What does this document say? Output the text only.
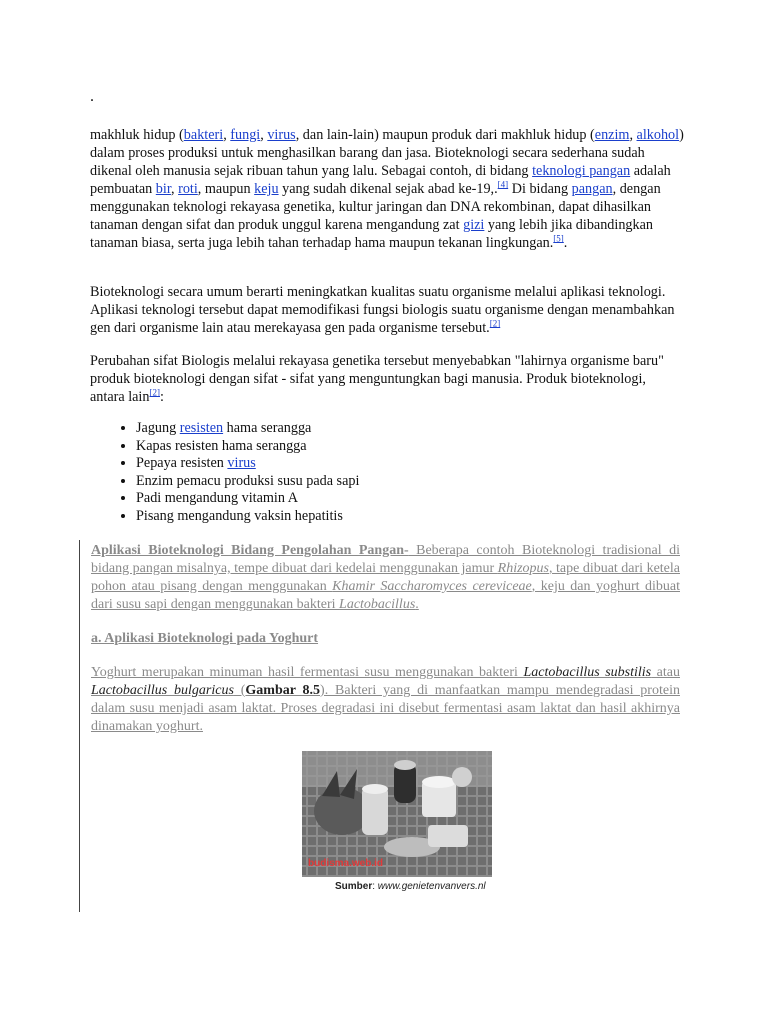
.

makhluk hidup (bakteri, fungi, virus, dan lain-lain) maupun produk dari makhluk hidup (enzim, alkohol) dalam proses produksi untuk menghasilkan barang dan jasa. Bioteknologi secara sederhana sudah dikenal oleh manusia sejak ribuan tahun yang lalu. Sebagai contoh, di bidang teknologi pangan adalah pembuatan bir, roti, maupun keju yang sudah dikenal sejak abad ke-19,.[4] Di bidang pangan, dengan menggunakan teknologi rekayasa genetika, kultur jaringan dan DNA rekombinan, dapat dihasilkan tanaman dengan sifat dan produk unggul karena mengandung zat gizi yang lebih jika dibandingkan tanaman biasa, serta juga lebih tahan terhadap hama maupun tekanan lingkungan.[5].

Bioteknologi secara umum berarti meningkatkan kualitas suatu organisme melalui aplikasi teknologi. Aplikasi teknologi tersebut dapat memodifikasi fungsi biologis suatu organisme dengan menambahkan gen dari organisme lain atau merekayasa gen pada organisme tersebut.[2]

Perubahan sifat Biologis melalui rekayasa genetika tersebut menyebabkan "lahirnya organisme baru" produk bioteknologi dengan sifat - sifat yang menguntungkan bagi manusia. Produk bioteknologi, antara lain[2]:

• Jagung resisten hama serangga
• Kapas resisten hama serangga
• Pepaya resisten virus
• Enzim pemacu produksi susu pada sapi
• Padi mengandung vitamin A
• Pisang mengandung vaksin hepatitis

Aplikasi Bioteknologi Bidang Pengolahan Pangan- Beberapa contoh Bioteknologi tradisional di bidang pangan misalnya, tempe dibuat dari kedelai menggunakan jamur Rhizopus, tape dibuat dari ketela pohon atau pisang dengan menggunakan Khamir Saccharomyces cereviceae, keju dan yoghurt dibuat dari susu sapi dengan menggunakan bakteri Lactobacillus.

a. Aplikasi Bioteknologi pada Yoghurt

Yoghurt merupakan minuman hasil fermentasi susu menggunakan bakteri Lactobacillus substilis atau Lactobacillus bulgaricus (Gambar 8.5). Bakteri yang di manfaatkan mampu mendegradasi protein dalam susu menjadi asam laktat. Proses degradasi ini disebut fermentasi asam laktat dan hasil akhirnya dinamakan yoghurt.

budisma.web.id
Sumber: www.genietenvanvers.nl
